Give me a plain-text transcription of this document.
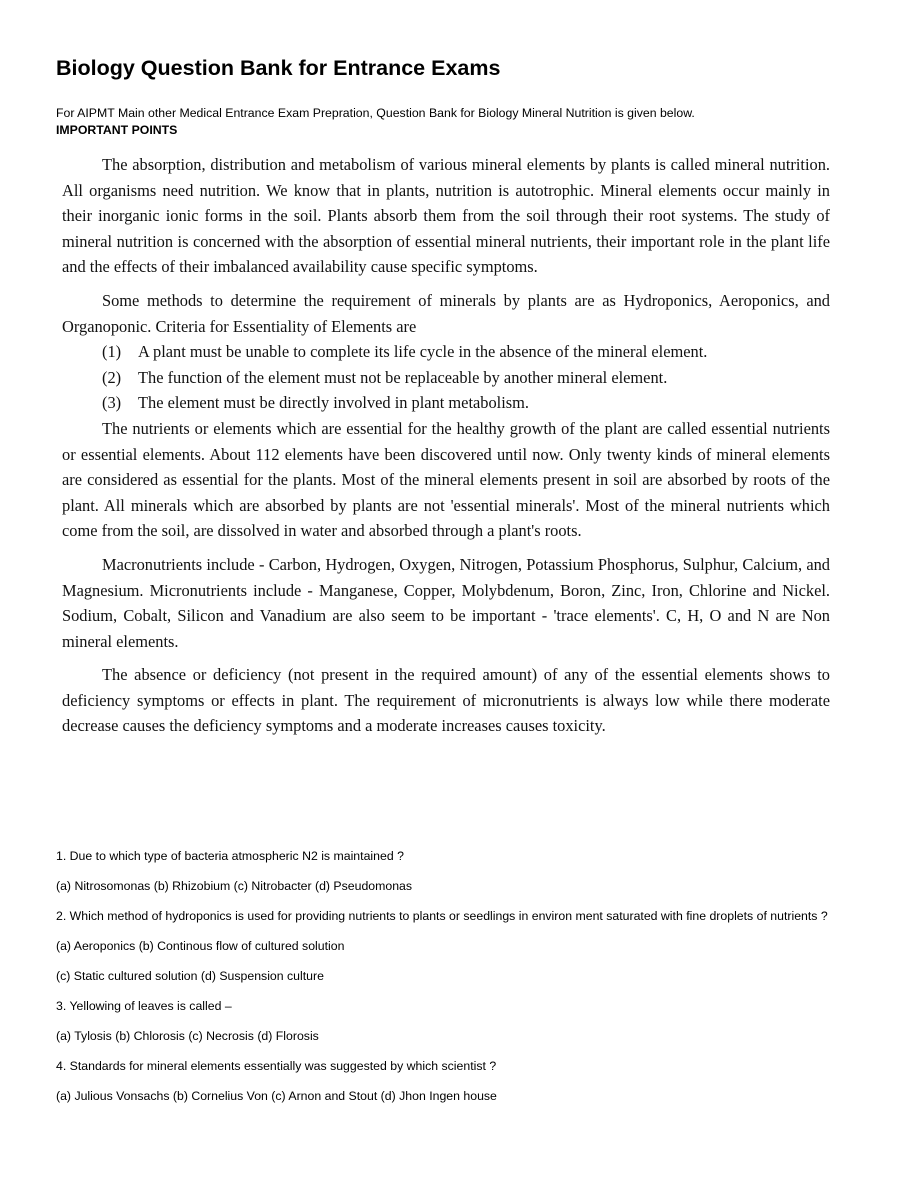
Biology Question Bank for Entrance Exams
For AIPMT Main other Medical Entrance Exam Prepration, Question Bank for Biology Mineral Nutrition is given below.
IMPORTANT POINTS

The absorption, distribution and metabolism of various mineral elements by plants is called mineral nutrition. All organisms need nutrition. We know that in plants, nutrition is autotrophic. Mineral elements occur mainly in their inorganic ionic forms in the soil. Plants absorb them from the soil through their root systems. The study of mineral nutrition is concerned with the absorption of essential mineral nutrients, their important role in the plant life and the effects of their imbalanced availability cause specific symptoms.

Some methods to determine the requirement of minerals by plants are as Hydroponics, Aeroponics, and Organoponic. Criteria for Essentiality of Elements are

(1) A plant must be unable to complete its life cycle in the absence of the mineral element.

(2) The function of the element must not be replaceable by another mineral element.

(3) The element must be directly involved in plant metabolism.

The nutrients or elements which are essential for the healthy growth of the plant are called essential nutrients or essential elements. About 112 elements have been discovered until now. Only twenty kinds of mineral elements are considered as essential for the plants. Most of the mineral elements present in soil are absorbed by roots of the plant. All minerals which are absorbed by plants are not 'essential minerals'. Most of the mineral nutrients which come from the soil, are dissolved in water and absorbed through a plant's roots.

Macronutrients include - Carbon, Hydrogen, Oxygen, Nitrogen, Potassium Phosphorus, Sulphur, Calcium, and Magnesium. Micronutrients include - Manganese, Copper, Molybdenum, Boron, Zinc, Iron, Chlorine and Nickel. Sodium, Cobalt, Silicon and Vanadium are also seem to be important - 'trace elements'. C, H, O and N are Non mineral elements.

The absence or deficiency (not present in the required amount) of any of the essential elements shows to deficiency symptoms or effects in plant. The requirement of micronutrients is always low while there moderate decrease causes the deficiency symptoms and a moderate increases causes toxicity.

1. Due to which type of bacteria atmospheric N2 is maintained ?
(a) Nitrosomonas (b) Rhizobium (c) Nitrobacter (d) Pseudomonas
2. Which method of hydroponics is used for providing nutrients to plants or seedlings in environ ment saturated with fine droplets of nutrients ?
(a) Aeroponics (b) Continous flow of cultured solution
(c) Static cultured solution (d) Suspension culture
3. Yellowing of leaves is called –
(a) Tylosis (b) Chlorosis (c) Necrosis (d) Florosis
4. Standards for mineral elements essentially was suggested by which scientist ?
(a) Julious Vonsachs (b) Cornelius Von (c) Arnon and Stout (d) Jhon Ingen house
